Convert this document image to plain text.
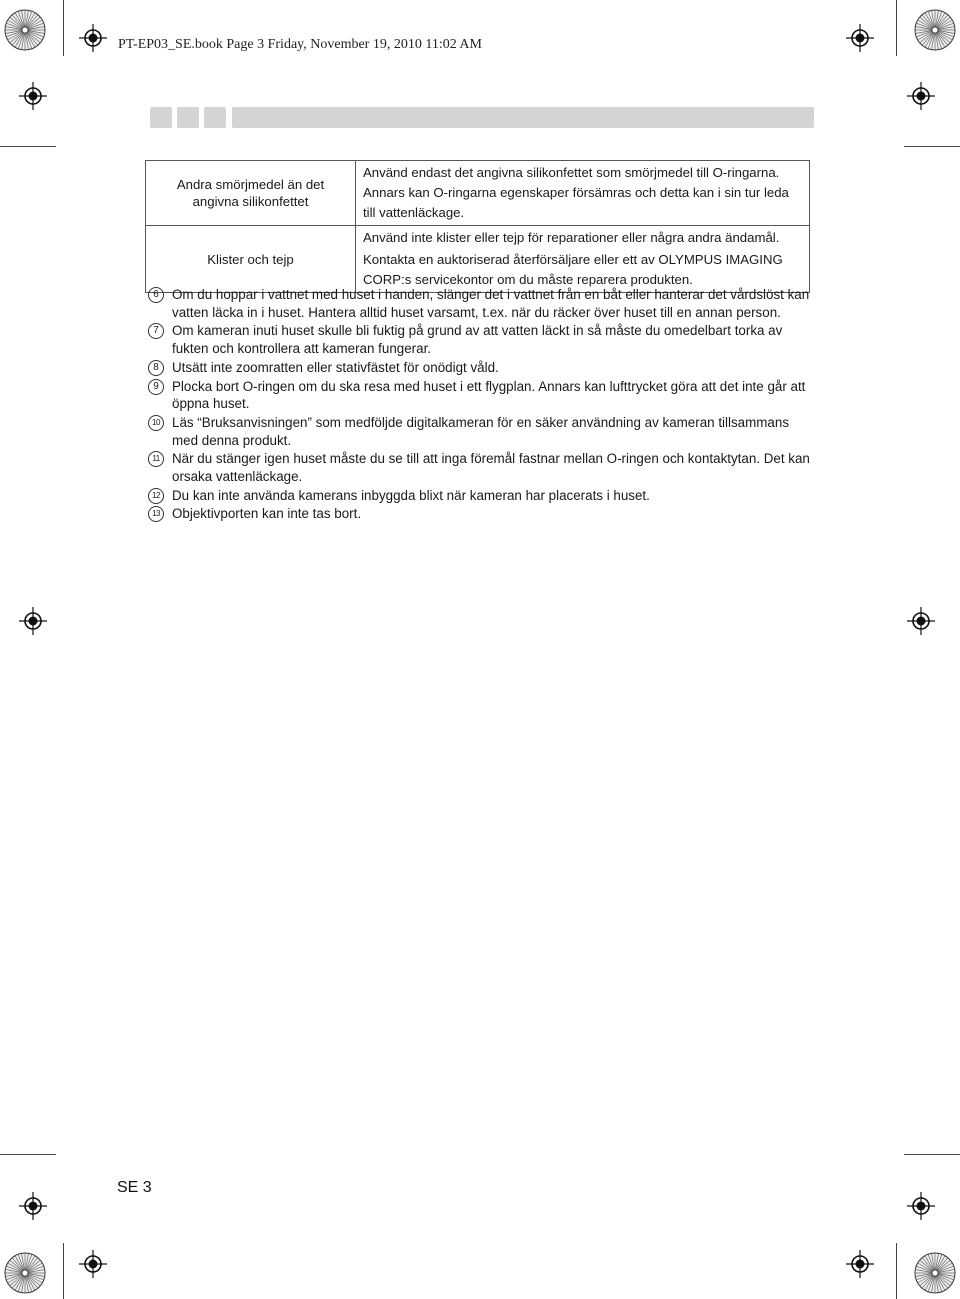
PT-EP03_SE.book Page 3 Friday, November 19, 2010 11:02 AM
Andra smörjmedel än det angivna silikonfettet	Använd endast det angivna silikonfettet som smörjmedel till O-ringarna. Annars kan O-ringarna egenskaper försämras och detta kan i sin tur leda till vattenläckage.

Klister och tejp	Använd inte klister eller tejp för reparationer eller några andra ändamål.

Kontakta en auktoriserad återförsäljare eller ett av OLYMPUS IMAGING CORP:s servicekontor om du måste reparera produkten.

6 Om du hoppar i vattnet med huset i handen, slänger det i vattnet från en båt eller hanterar det vårdslöst kan vatten läcka in i huset. Hantera alltid huset varsamt, t.ex. när du räcker över huset till en annan person.
7 Om kameran inuti huset skulle bli fuktig på grund av att vatten läckt in så måste du omedelbart torka av fukten och kontrollera att kameran fungerar.
8 Utsätt inte zoomratten eller stativfästet för onödigt våld.
9 Plocka bort O-ringen om du ska resa med huset i ett flygplan. Annars kan lufttrycket göra att det inte går att öppna huset.
10 Läs “Bruksanvisningen” som medföljde digitalkameran för en säker användning av kameran tillsammans med denna produkt.
11 När du stänger igen huset måste du se till att inga föremål fastnar mellan O-ringen och kontaktytan. Det kan orsaka vattenläckage.
12 Du kan inte använda kamerans inbyggda blixt när kameran har placerats i huset.
13 Objektivporten kan inte tas bort.
SE 3
